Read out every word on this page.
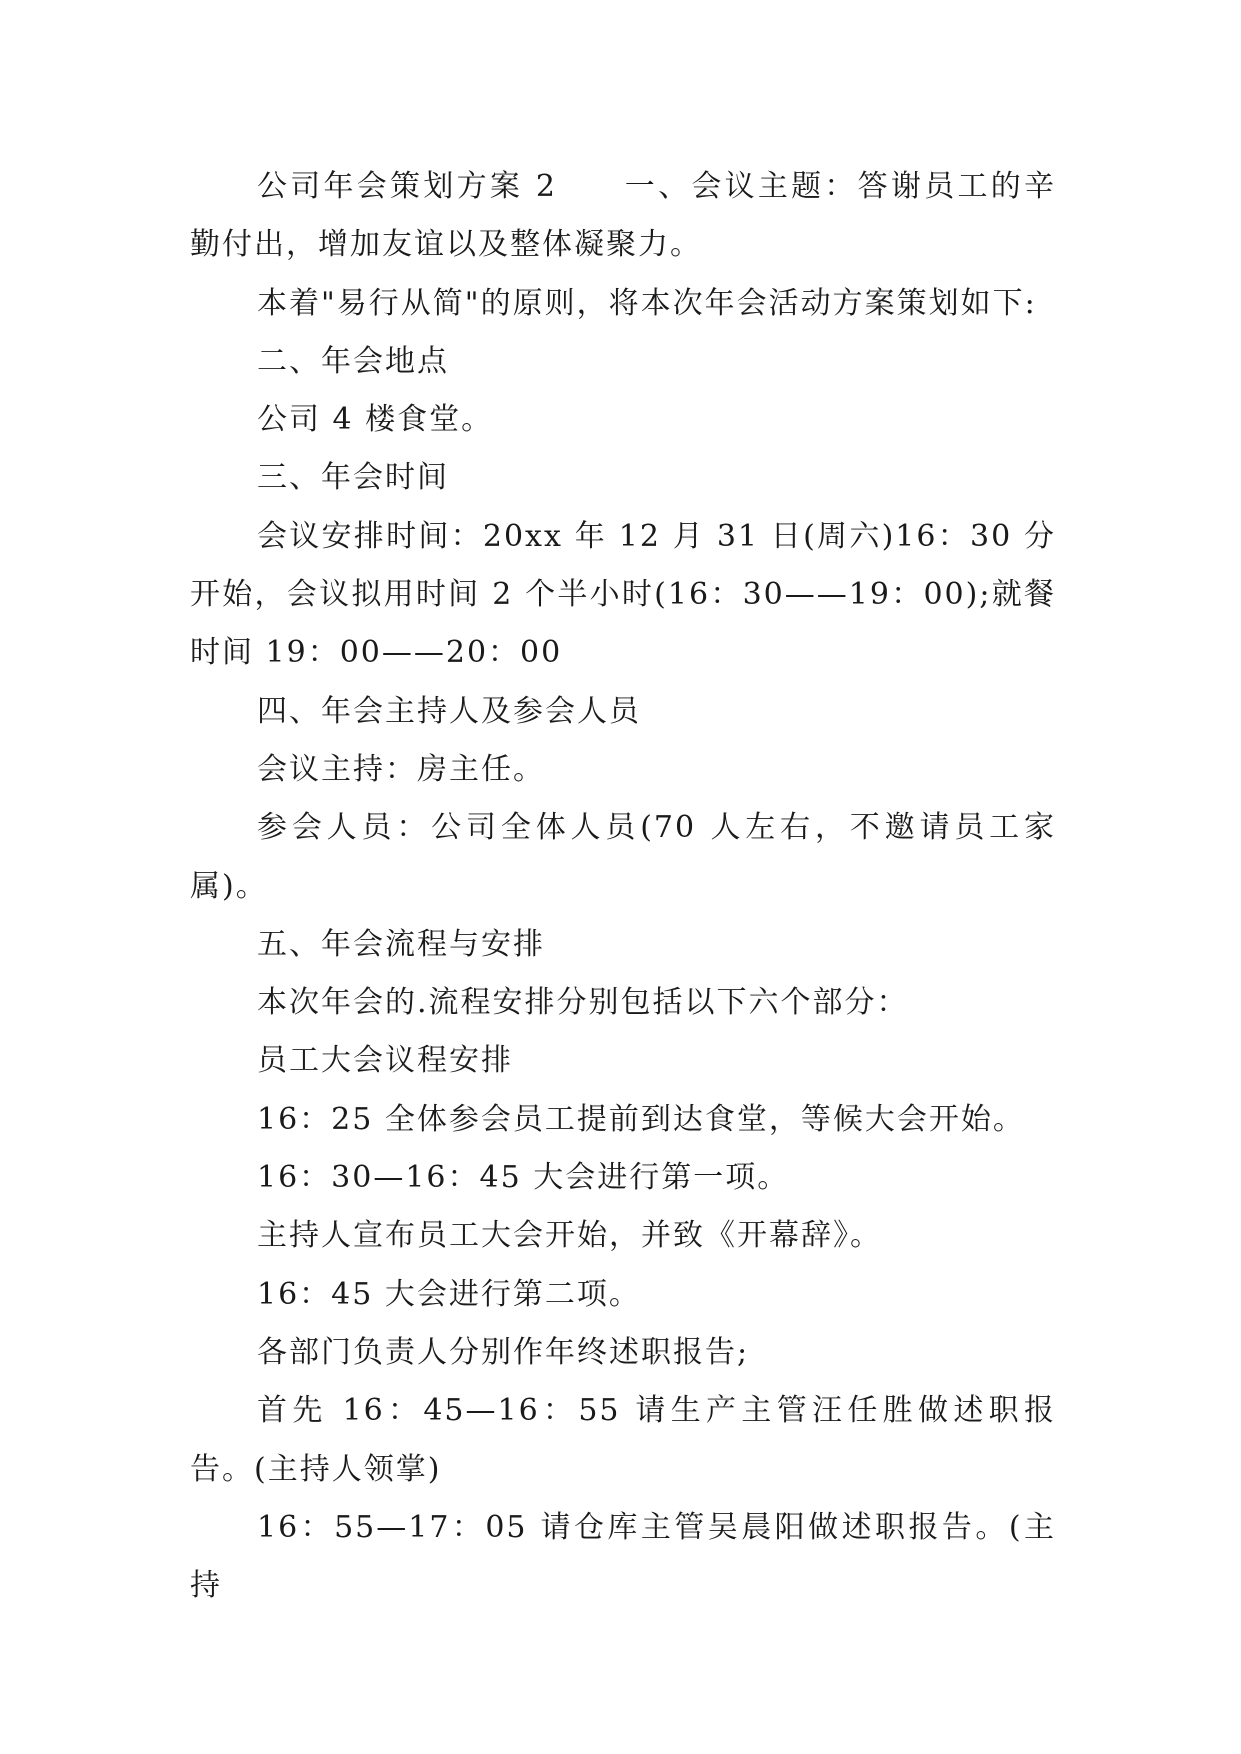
公司年会策划方案 2　　一、会议主题：答谢员工的辛勤付出，增加友谊以及整体凝聚力。

本着"易行从简"的原则，将本次年会活动方案策划如下:

二、年会地点

公司 4 楼食堂。

三、年会时间

会议安排时间：20xx 年 12 月 31 日(周六)16：30 分开始，会议拟用时间 2 个半小时(16：30——19：00);就餐时间 19：00——20：00

四、年会主持人及参会人员

会议主持：房主任。

参会人员：公司全体人员(70 人左右，不邀请员工家属)。

五、年会流程与安排

本次年会的.流程安排分别包括以下六个部分：

员工大会议程安排

16：25 全体参会员工提前到达食堂，等候大会开始。

16：30—16：45 大会进行第一项。

主持人宣布员工大会开始，并致《开幕辞》。

16：45 大会进行第二项。

各部门负责人分别作年终述职报告;

首先 16：45—16：55 请生产主管汪任胜做述职报告。(主持人领掌)

16：55—17：05 请仓库主管吴晨阳做述职报告。(主持
